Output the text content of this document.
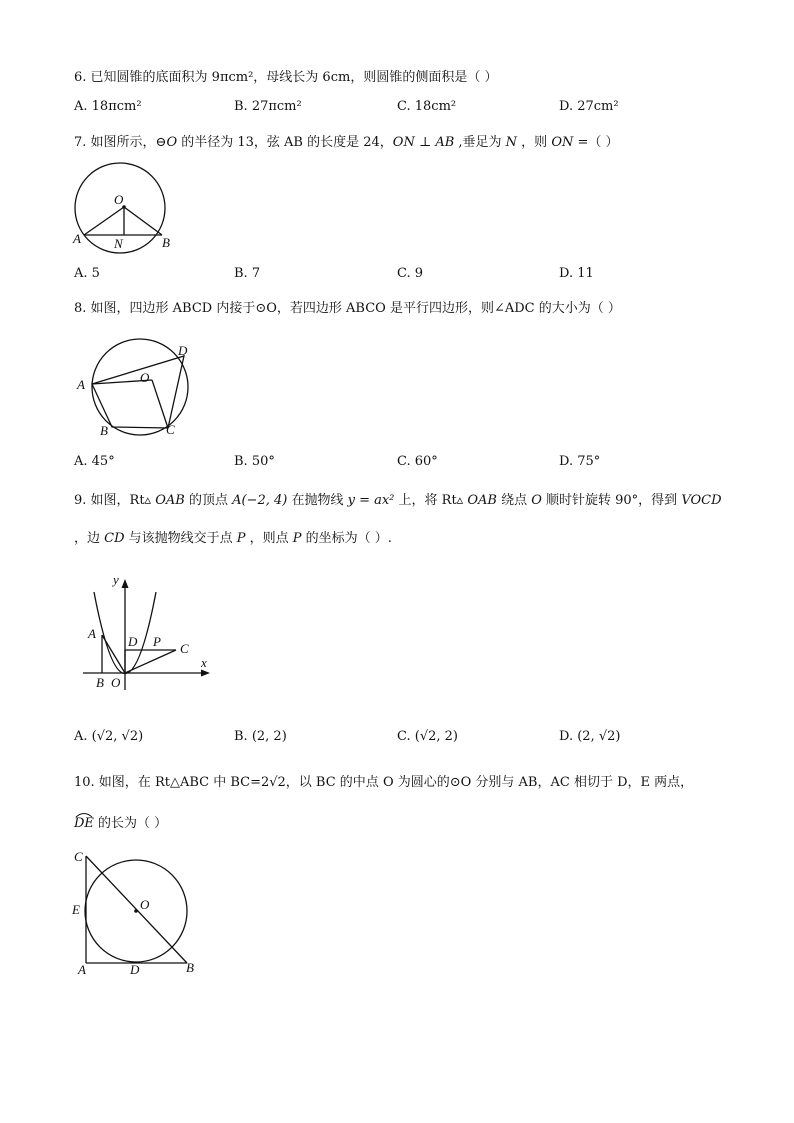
6. 已知圆锥的底面积为 9πcm²，母线长为 6cm，则圆锥的侧面积是（ ）
A. 18πcm²	B. 27πcm²	C. 18cm²	D. 27cm²
7. 如图所示，⊖O 的半径为 13，弦 AB 的长度是 24，ON ⊥ AB ,垂足为 N ，则 ON =（ ）
O
A	N	B
A. 5	B. 7	C. 9	D. 11
8. 如图，四边形 ABCD 内接于⊙O，若四边形 ABCO 是平行四边形，则∠ADC 的大小为（ ）
A	O
D
B	C
A. 45°	B. 50°	C. 60°	D. 75°
9. 如图，Rt▵ OAB 的顶点 A(−2, 4) 在抛物线 y = ax² 上，将 Rt▵ OAB 绕点 O 顺时针旋转 90°，得到 VOCD
，边 CD 与该抛物线交于点 P ，则点 P 的坐标为（ ）.
y
x
A
D P C
B O
A. (√2, √2)	B. (2, 2)	C. (√2, 2)	D. (2, √2)
10. 如图，在 Rt△ABC 中 BC=2√2，以 BC 的中点 O 为圆心的⊙O 分别与 AB，AC 相切于 D，E 两点，
DE 的长为（ ）
C
E	O
A	D	B
